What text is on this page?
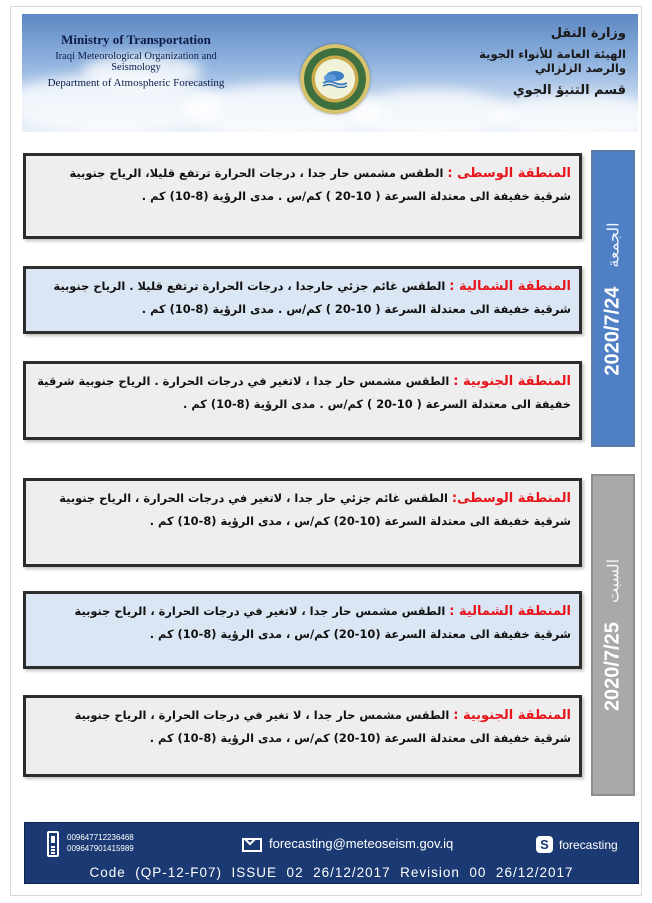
Ministry of Transportation
Iraqi Meteorological Organization and Seismology
Department of Atmospheric Forecasting
وزارة النقل
الهيئة العامة للأنواء الجوية والرصد الزلزالي
قسم التنبؤ الجوي
الجمعة 2020/7/24
السبت 2020/7/25
المنطقة الوسطى : الطقس مشمس حار جدا ، درجات الحرارة ترتفع قليلا، الرياح جنوبية شرقية خفيفة الى معتدلة السرعة ( 10-20 ) كم/س . مدى الرؤية (8-10) كم .
المنطقة الشمالية : الطقس غائم جزئي حارجدا ، درجات الحرارة ترتفع قليلا . الرياح جنوبية شرقية خفيفة الى معتدلة السرعة ( 10-20 ) كم/س . مدى الرؤية (8-10) كم .
المنطقة الجنوبية : الطقس مشمس حار جدا ، لاتغير في درجات الحرارة . الرياح جنوبية شرقية خفيفة الى معتدلة السرعة ( 10-20 ) كم/س . مدى الرؤية (8-10) كم .
المنطقة الوسطى: الطقس غائم جزئي حار جدا ، لاتغير في درجات الحرارة ، الرياح جنوبية شرقية خفيفة الى معتدلة السرعة (10-20) كم/س ، مدى الرؤية (8-10) كم .
المنطقة الشمالية : الطقس مشمس حار جدا ، لاتغير في درجات الحرارة ، الرياح جنوبية شرقية خفيفة الى معتدلة السرعة (10-20) كم/س ، مدى الرؤية (8-10) كم .
المنطقة الجنوبية : الطقس مشمس حار جدا ، لا تغير في درجات الحرارة ، الرياح جنوبية شرقية خفيفة الى معتدلة السرعة (10-20) كم/س ، مدى الرؤية (8-10) كم .
009647712236468
009647901415989	forecasting@meteoseism.gov.iq	S forecasting
Code  (QP-12-F07)  ISSUE  02  26/12/2017  Revision  00  26/12/2017
